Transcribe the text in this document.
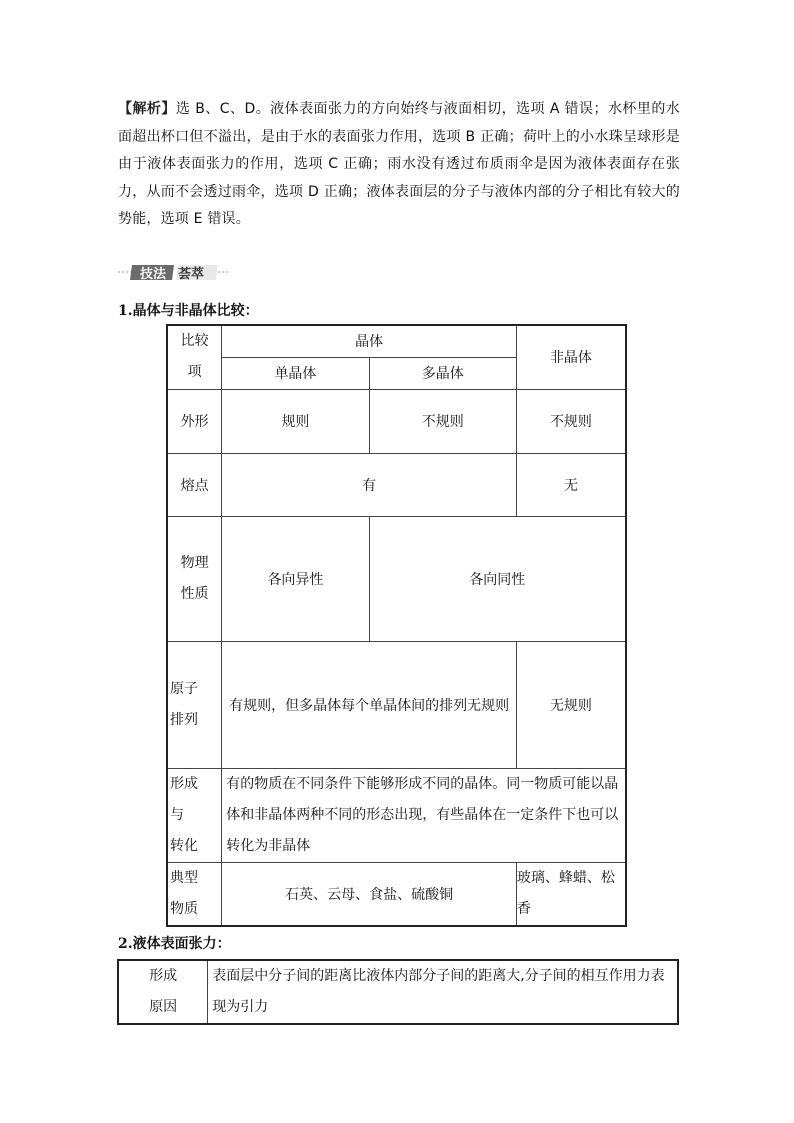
【解析】选 B、C、D。液体表面张力的方向始终与液面相切，选项 A 错误；水杯里的水面超出杯口但不溢出，是由于水的表面张力作用，选项 B 正确；荷叶上的小水珠呈球形是由于液体表面张力的作用，选项 C 正确；雨水没有透过布质雨伞是因为液体表面存在张力，从而不会透过雨伞，选项 D 正确；液体表面层的分子与液体内部的分子相比有较大的势能，选项 E 错误。
技法 荟萃
1.晶体与非晶体比较：
比较
项	晶体		非晶体
	单晶体	多晶体	
外形	规则	不规则	不规则
熔点	有		无

物理
性质	各向异性	各向同性	

原子
排列	有规则，但多晶体每个单晶体间的排列无规则		无规则

形成
与
转化	有的物质在不同条件下能够形成不同的晶体。同一物质可能以晶体和非晶体两种不同的形态出现，有些晶体在一定条件下也可以转化为非晶体		

典型
物质	石英、云母、食盐、硫酸铜		玻璃、蜂蜡、松香
2.液体表面张力：
形成
原因
	表面层中分子间的距离比液体内部分子间的距离大,分子间的相互作用力表现为引力
